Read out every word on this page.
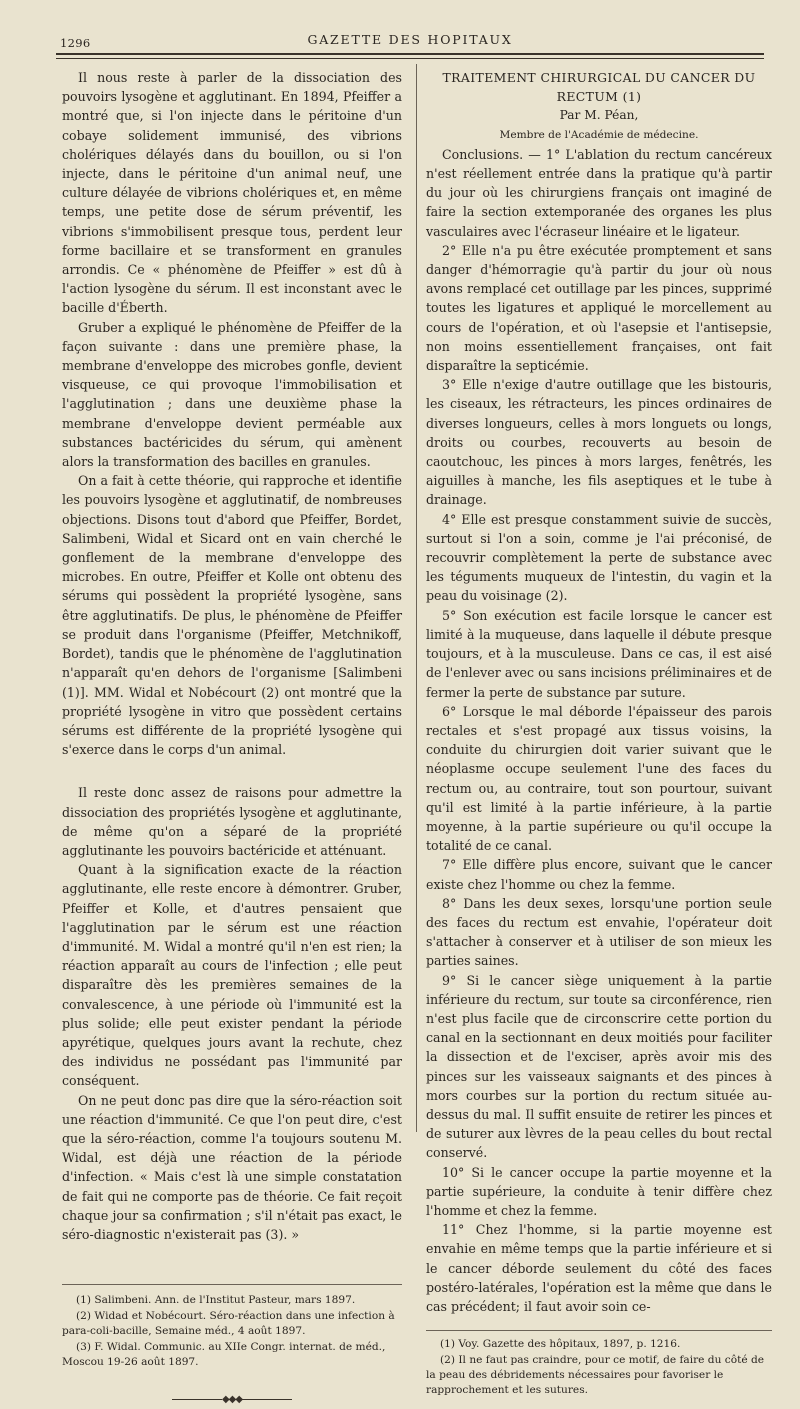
1296	GAZETTE DES HOPITAUX

Il nous reste à parler de la dissociation des pouvoirs lysogène et agglutinant. En 1894, Pfeiffer a montré que, si l'on injecte dans le péritoine d'un cobaye solidement immunisé, des vibrions cholériques délayés dans du bouillon, ou si l'on injecte, dans le péritoine d'un animal neuf, une culture délayée de vibrions cholériques et, en même temps, une petite dose de sérum préventif, les vibrions s'immobilisent presque tous, perdent leur forme bacillaire et se transforment en granules arrondis. Ce « phénomène de Pfeiffer » est dû à l'action lysogène du sérum. Il est inconstant avec le bacille d'Éberth.

Gruber a expliqué le phénomène de Pfeiffer de la façon suivante : dans une première phase, la membrane d'enveloppe des microbes gonfle, devient visqueuse, ce qui provoque l'immobilisation et l'agglutination ; dans une deuxième phase la membrane d'enveloppe devient perméable aux substances bactéricides du sérum, qui amènent alors la transformation des bacilles en granules.

On a fait à cette théorie, qui rapproche et identifie les pouvoirs lysogène et agglutinatif, de nombreuses objections. Disons tout d'abord que Pfeiffer, Bordet, Salimbeni, Widal et Sicard ont en vain cherché le gonflement de la membrane d'enveloppe des microbes. En outre, Pfeiffer et Kolle ont obtenu des sérums qui possèdent la propriété lysogène, sans être agglutinatifs. De plus, le phénomène de Pfeiffer se produit dans l'organisme (Pfeiffer, Metchnikoff, Bordet), tandis que le phénomène de l'agglutination n'apparaît qu'en dehors de l'organisme [Salimbeni (1)]. MM. Widal et Nobécourt (2) ont montré que la propriété lysogène in vitro que possèdent certains sérums est différente de la propriété lysogène qui s'exerce dans le corps d'un animal.

Il reste donc assez de raisons pour admettre la dissociation des propriétés lysogène et agglutinante, de même qu'on a séparé de la propriété agglutinante les pouvoirs bactéricide et atténuant.

Quant à la signification exacte de la réaction agglutinante, elle reste encore à démontrer. Gruber, Pfeiffer et Kolle, et d'autres pensaient que l'agglutination par le sérum est une réaction d'immunité. M. Widal a montré qu'il n'en est rien; la réaction apparaît au cours de l'infection ; elle peut disparaître dès les premières semaines de la convalescence, à une période où l'immunité est la plus solide; elle peut exister pendant la période apyrétique, quelques jours avant la rechute, chez des individus ne possédant pas l'immunité par conséquent.

On ne peut donc pas dire que la séro-réaction soit une réaction d'immunité. Ce que l'on peut dire, c'est que la séro-réaction, comme l'a toujours soutenu M. Widal, est déjà une réaction de la période d'infection. « Mais c'est là une simple constatation de fait qui ne comporte pas de théorie. Ce fait reçoit chaque jour sa confirmation ; s'il n'était pas exact, le séro-diagnostic n'existerait pas (3). »

(1) Salimbeni. Ann. de l'Institut Pasteur, mars 1897.

(2) Widad et Nobécourt. Séro-réaction dans une infection à para-coli-bacille, Semaine méd., 4 août 1897.

(3) F. Widal. Communic. au XIIe Congr. internat. de méd., Moscou 19-26 août 1897.

◆◆◆

TRAITEMENT CHIRURGICAL DU CANCER DU RECTUM (1)

Par M. Péan,

Membre de l'Académie de médecine.

Conclusions. — 1° L'ablation du rectum cancéreux n'est réellement entrée dans la pratique qu'à partir du jour où les chirurgiens français ont imaginé de faire la section extemporanée des organes les plus vasculaires avec l'écraseur linéaire et le ligateur.

2° Elle n'a pu être exécutée promptement et sans danger d'hémorragie qu'à partir du jour où nous avons remplacé cet outillage par les pinces, supprimé toutes les ligatures et appliqué le morcellement au cours de l'opération, et où l'asepsie et l'antisepsie, non moins essentiellement françaises, ont fait disparaître la septicémie.

3° Elle n'exige d'autre outillage que les bistouris, les ciseaux, les rétracteurs, les pinces ordinaires de diverses longueurs, celles à mors longuets ou longs, droits ou courbes, recouverts au besoin de caoutchouc, les pinces à mors larges, fenêtrés, les aiguilles à manche, les fils aseptiques et le tube à drainage.

4° Elle est presque constamment suivie de succès, surtout si l'on a soin, comme je l'ai préconisé, de recouvrir complètement la perte de substance avec les téguments muqueux de l'intestin, du vagin et la peau du voisinage (2).

5° Son exécution est facile lorsque le cancer est limité à la muqueuse, dans laquelle il débute presque toujours, et à la musculeuse. Dans ce cas, il est aisé de l'enlever avec ou sans incisions préliminaires et de fermer la perte de substance par suture.

6° Lorsque le mal déborde l'épaisseur des parois rectales et s'est propagé aux tissus voisins, la conduite du chirurgien doit varier suivant que le néoplasme occupe seulement l'une des faces du rectum ou, au contraire, tout son pourtour, suivant qu'il est limité à la partie inférieure, à la partie moyenne, à la partie supérieure ou qu'il occupe la totalité de ce canal.

7° Elle diffère plus encore, suivant que le cancer existe chez l'homme ou chez la femme.

8° Dans les deux sexes, lorsqu'une portion seule des faces du rectum est envahie, l'opérateur doit s'attacher à conserver et à utiliser de son mieux les parties saines.

9° Si le cancer siège uniquement à la partie inférieure du rectum, sur toute sa circonférence, rien n'est plus facile que de circonscrire cette portion du canal en la sectionnant en deux moitiés pour faciliter la dissection et de l'exciser, après avoir mis des pinces sur les vaisseaux saignants et des pinces à mors courbes sur la portion du rectum située au-dessus du mal. Il suffit ensuite de retirer les pinces et de suturer aux lèvres de la peau celles du bout rectal conservé.

10° Si le cancer occupe la partie moyenne et la partie supérieure, la conduite à tenir diffère chez l'homme et chez la femme.

11° Chez l'homme, si la partie moyenne est envahie en même temps que la partie inférieure et si le cancer déborde seulement du côté des faces postéro-latérales, l'opération est la même que dans le cas précédent; il faut avoir soin ce-

(1) Voy. Gazette des hôpitaux, 1897, p. 1216.

(2) Il ne faut pas craindre, pour ce motif, de faire du côté de la peau des débridements nécessaires pour favoriser le rapprochement et les sutures.
